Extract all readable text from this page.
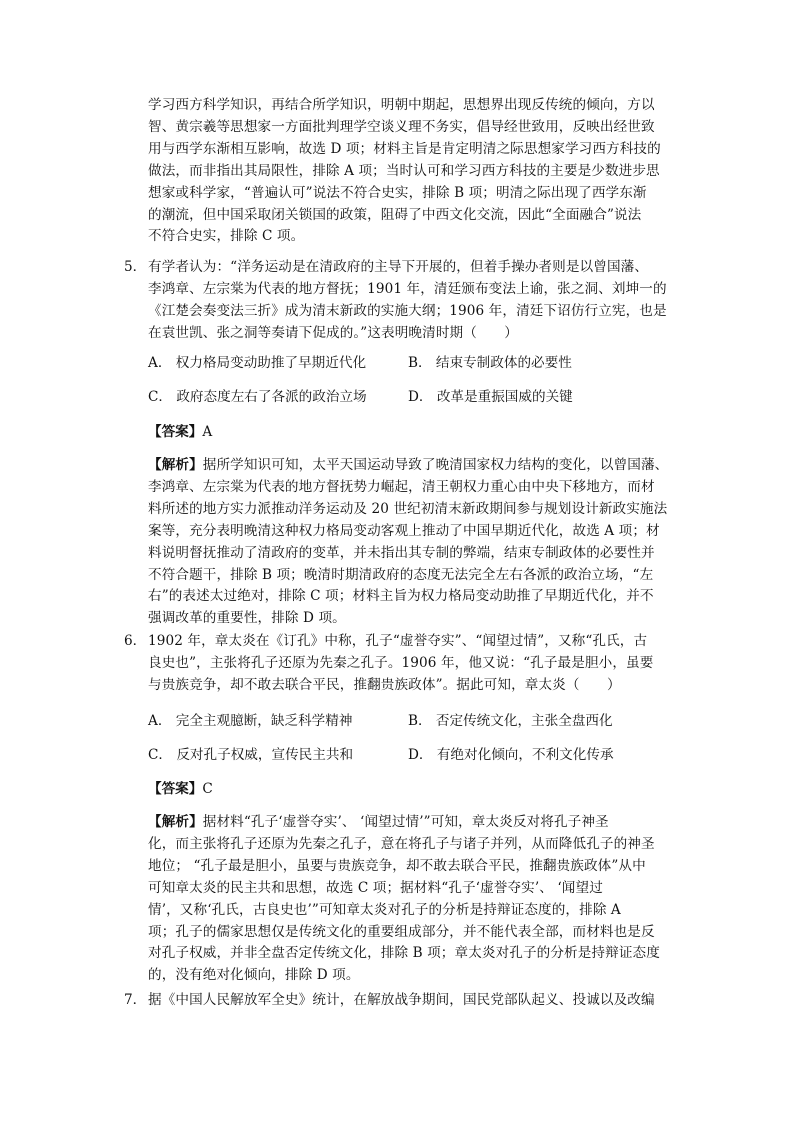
学习西方科学知识，再结合所学知识，明朝中期起，思想界出现反传统的倾向，方以
智、黄宗羲等思想家一方面批判理学空谈义理不务实，倡导经世致用，反映出经世致
用与西学东渐相互影响，故选 D 项；材料主旨是肯定明清之际思想家学习西方科技的
做法，而非指出其局限性，排除 A 项；当时认可和学习西方科技的主要是少数进步思
想家或科学家，“普遍认可”说法不符合史实，排除 B 项；明清之际出现了西学东渐
的潮流，但中国采取闭关锁国的政策，阻碍了中西文化交流，因此“全面融合”说法
不符合史实，排除 C 项。
5． 有学者认为：“洋务运动是在清政府的主导下开展的，但着手操办者则是以曾国藩、
李鸿章、左宗棠为代表的地方督抚；1901 年，清廷颁布变法上谕，张之洞、刘坤一的
《江楚会奏变法三折》成为清末新政的实施大纲；1906 年，清廷下诏仿行立宪，也是
在袁世凯、张之洞等奏请下促成的。”这表明晚清时期（　　）
A． 权力格局变动助推了早期近代化	B． 结束专制政体的必要性
C． 政府态度左右了各派的政治立场	D． 改革是重振国威的关键
【答案】A
【解析】据所学知识可知，太平天国运动导致了晚清国家权力结构的变化，以曾国藩、
李鸿章、左宗棠为代表的地方督抚势力崛起，清王朝权力重心由中央下移地方，而材
料所述的地方实力派推动洋务运动及 20 世纪初清末新政期间参与规划设计新政实施法
案等，充分表明晚清这种权力格局变动客观上推动了中国早期近代化，故选 A 项；材
料说明督抚推动了清政府的变革，并未指出其专制的弊端，结束专制政体的必要性并
不符合题干，排除 B 项；晚清时期清政府的态度无法完全左右各派的政治立场，“左
右”的表述太过绝对，排除 C 项；材料主旨为权力格局变动助推了早期近代化，并不
强调改革的重要性，排除 D 项。
6． 1902 年，章太炎在《订孔》中称，孔子“虚誉夺实”、“闻望过情”，又称“孔氏，古
良史也”，主张将孔子还原为先秦之孔子。1906 年，他又说：“孔子最是胆小，虽要
与贵族竞争，却不敢去联合平民，推翻贵族政体”。据此可知，章太炎（　　）
A． 完全主观臆断，缺乏科学精神	B． 否定传统文化，主张全盘西化
C． 反对孔子权威，宣传民主共和	D． 有绝对化倾向，不利文化传承
【答案】C
【解析】据材料“孔子‘虚誉夺实’、 ‘闻望过情’”可知，章太炎反对将孔子神圣
化，而主张将孔子还原为先秦之孔子，意在将孔子与诸子并列，从而降低孔子的神圣
地位； “孔子最是胆小，虽要与贵族竞争，却不敢去联合平民，推翻贵族政体”从中
可知章太炎的民主共和思想，故选 C 项；据材料“孔子‘虚誉夺实’、 ‘闻望过
情’，又称‘孔氏，古良史也’”可知章太炎对孔子的分析是持辩证态度的，排除 A
项；孔子的儒家思想仅是传统文化的重要组成部分，并不能代表全部，而材料也是反
对孔子权威，并非全盘否定传统文化，排除 B 项；章太炎对孔子的分析是持辩证态度
的，没有绝对化倾向，排除 D 项。
7． 据《中国人民解放军全史》统计，在解放战争期间，国民党部队起义、投诚以及改编
